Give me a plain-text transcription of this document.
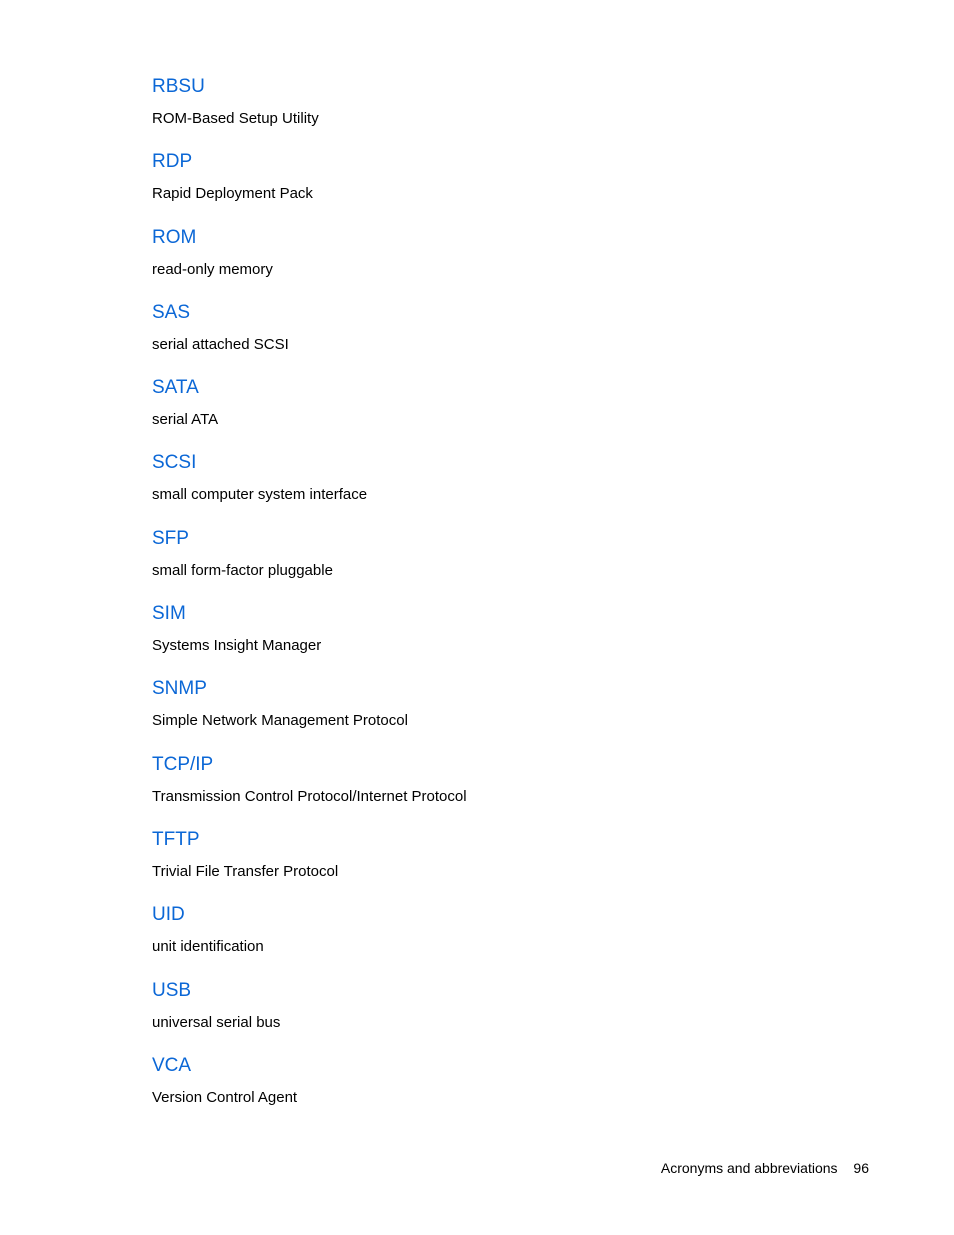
RBSU
ROM-Based Setup Utility
RDP
Rapid Deployment Pack
ROM
read-only memory
SAS
serial attached SCSI
SATA
serial ATA
SCSI
small computer system interface
SFP
small form-factor pluggable
SIM
Systems Insight Manager
SNMP
Simple Network Management Protocol
TCP/IP
Transmission Control Protocol/Internet Protocol
TFTP
Trivial File Transfer Protocol
UID
unit identification
USB
universal serial bus
VCA
Version Control Agent
Acronyms and abbreviations 96
